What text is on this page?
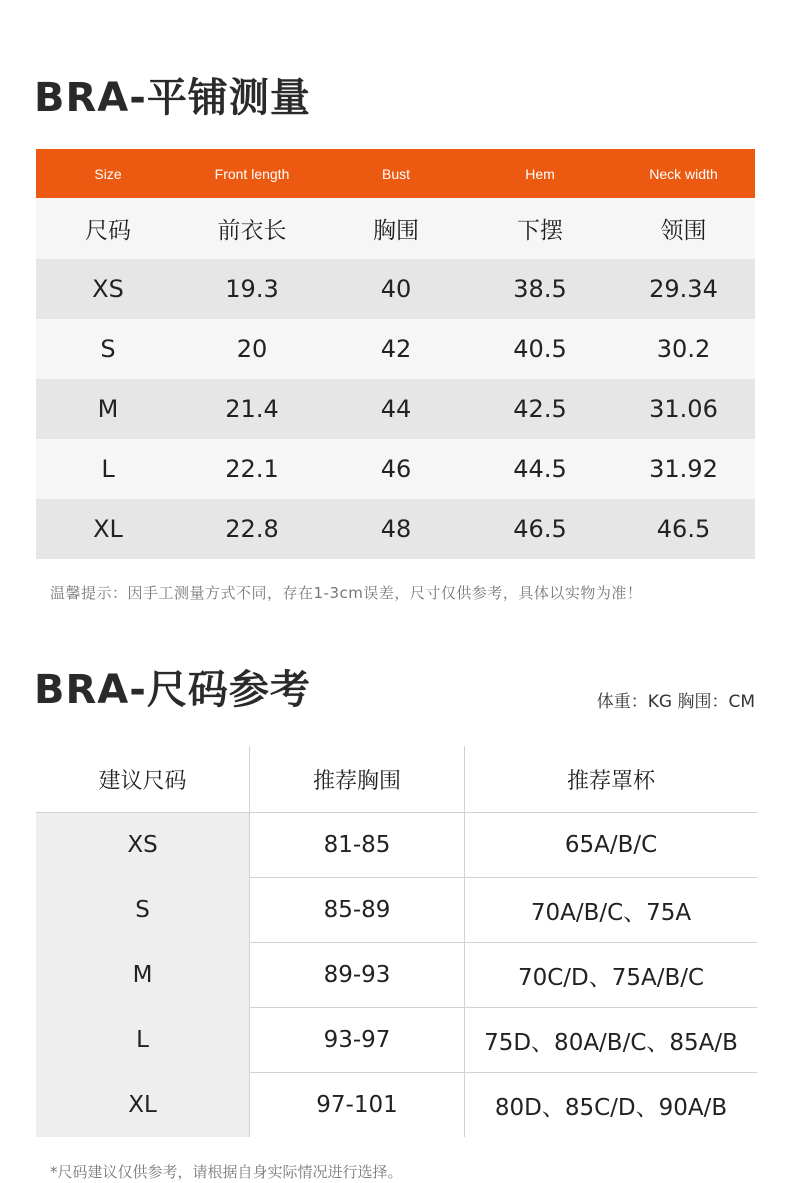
BRA-平铺测量
Size	Front length	Bust	Hem	Neck width
尺码	前衣长	胸围	下摆	领围
XS	19.3	40	38.5	29.34
S	20	42	40.5	30.2
M	21.4	44	42.5	31.06
L	22.1	46	44.5	31.92
XL	22.8	48	46.5	46.5

温馨提示：因手工测量方式不同，存在1-3cm误差，尺寸仅供参考，具体以实物为准！

BRA-尺码参考	体重：KG 胸围：CM

建议尺码	推荐胸围	推荐罩杯
XS	81-85	65A/B/C
S	85-89	70A/B/C、75A
M	89-93	70C/D、75A/B/C
L	93-97	75D、80A/B/C、85A/B
XL	97-101	80D、85C/D、90A/B

*尺码建议仅供参考，请根据自身实际情况进行选择。
